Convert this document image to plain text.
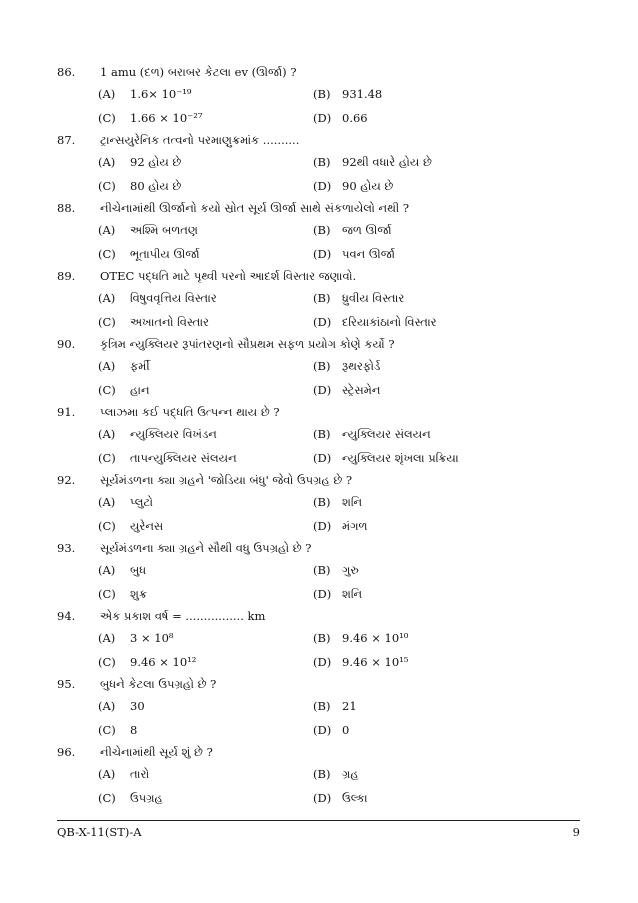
86. 1 amu (દળ) બરાબર કેટલા ev (ઊર્જા) ?
(A) 1.6× 10⁻¹⁹	(B) 931.48
(C) 1.66 × 10⁻²⁷	(D) 0.66
87. ટ્રાન્સયુરેનિક તત્વનો પરમાણુક્રમાંક ..........
(A) 92 હોય છે	(B) 92થી વધારે હોય છે
(C) 80 હોય છે	(D) 90 હોય છે
88. નીચેનામાંથી ઊર્જાનો કયો સ્રોત સૂર્ય ઊર્જા સાથે સંકળાયેલો નથી ?
(A) અશ્મિ બળતણ	(B) જળ ઊર્જા
(C) ભૂતાપીય ઊર્જા	(D) પવન ઊર્જા
89. OTEC પદ્ધતિ માટે પૃથ્વી પરનો આદર્શ વિસ્તાર જણાવો.
(A) વિષુવવૃત્તિય વિસ્તાર	(B) ધ્રુવીય વિસ્તાર
(C) અખાતનો વિસ્તાર	(D) દરિયાકાંઠાનો વિસ્તાર
90. કૃત્રિમ ન્યુક્લિયર રૂપાંતરણનો સૌપ્રથમ સફળ પ્રયોગ કોણે કર્યો ?
(A) ફર્મી	(B) રૂથરફોર્ડ
(C) હાન	(D) સ્ટ્રેસમેન
91. પ્લાઝમા કઈ પદ્ધતિ ઉત્પન્ન થાય છે ?
(A) ન્યુક્લિયર વિખંડન	(B) ન્યુક્લિયર સંલયન
(C) તાપન્યુક્લિયર સંલયન	(D) ન્યુક્લિયર શૃંખલા પ્રક્રિયા
92. સૂર્યમંડળના ક્યા ગ્રહને 'જોડિયા બંધુ' જેવો ઉપગ્રહ છે ?
(A) પ્લુટો	(B) શનિ
(C) યુરેનસ	(D) મંગળ
93. સૂર્યમંડળના ક્યા ગ્રહને સૌથી વધુ ઉપગ્રહો છે ?
(A) બુધ	(B) ગુરુ
(C) શુક્ર	(D) શનિ
94. એક પ્રકાશ વર્ષ = ................ km
(A) 3 × 10⁸	(B) 9.46 × 10¹⁰
(C) 9.46 × 10¹²	(D) 9.46 × 10¹⁵
95. બુધને કેટલા ઉપગ્રહો છે ?
(A) 30	(B) 21
(C) 8	(D) 0
96. નીચેનામાંથી સૂર્ય શું છે ?
(A) તારો	(B) ગ્રહ
(C) ઉપગ્રહ	(D) ઉલ્કા
QB-X-11(ST)-A	9
